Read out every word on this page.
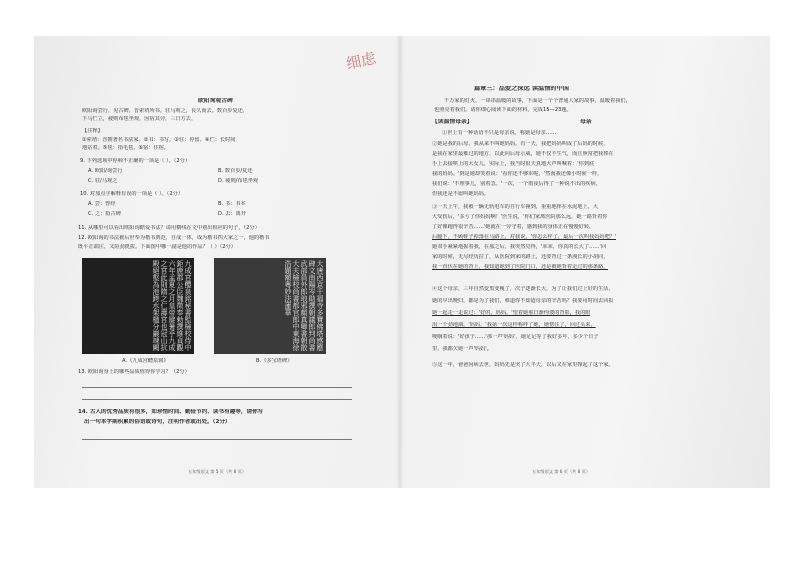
欧阳询观古碑
欧阳询尝行，见古碑，晋索靖所书。驻马观之，良久而去。数百步复还，
下马伫立，疲则布毯坐观，因宿其旁，三日方去。
【注释】
①索靖：晋朝著名书法家。②书：书写。③驻：停留。④伫：长时间
地站着。⑤毯：指毛毯。⑥宿：住宿。
9. 下列选项中停顿不正确的一项是（ ）。（2分）
A. 欧阳/询尝行	B. 数百步/复还
C. 驻/马观之	D. 疲则/布毯坐观
10. 对加点字解释有误的一项是（ ）。（2分）
A. 尝：曾经	B. 书：书本
C. 之：指古碑	D. 去：离开
11. 从哪里可以看出欧阳询酷爱书法？请用横线在文中划出相应的句子。（2分）
12. 欧阳询的书法被后世奉为楷书典范，自成一体，成为楷书四大家之一，他的楷书
既平正端庄，又险劲挺拔。下面图中哪一副是他的作品？（ ）（2分）
九成宮醴泉銘秘書監檢校侍中鉅鹿郡公臣魏徵奉勅撰維貞觀六年孟夏之月皇帝避暑乎九成之宮此則隋之仁壽宮也冠山抗殿絕壑為池跨水架楹分巖竦闕	大唐西京千福寺多寶佛塔感應碑文南陽岑勛撰朝議郎判尚書武部員外郎琅邪顏真卿書朝散大夫檢校尚書都官郎中東海徐浩題額粵妙法蓮華
A.《九成宫醴泉铭》	B.《多宝塔碑》
13. 欧阳询身上的哪些品质值得你学习？（2分）
14. 古人的优秀品质有很多，如珍惜时间、勤俭节约、读书有趣等，请你写
出一句本学期积累的俗语或诗句，注明作者或出处。（2分）
五年级语文 第 5 页（共 8 页）
细虑
篇章三：品爱之深远 读温情的中国
千万家的灯火，一串串温暖的故事，下面是一个个普通人家的故事，温暖着我们，
也照亮着我们。请你细心阅读下面的材料，完成15—23题。
【读温情母亲】	母亲
①世上有一种话语不只是母亲说，称她是母亲……
②她是我的后母，我从来不叫她妈妈。有一天，我把妈妈叫成了后妈的时候，
是我在家里最难过的地方，以此向后母示威，她不仅不生气，而且照常把我捧在
手上去接哄上的大女儿，实际上，我当时很天真地大声叫喊着：'你到底
我的妈妈。'倒是她却笑着说：'看你还不够乖呢，'然而我还像小时候一样，
我们说：'不理事儿，别着急。'一次，一个雨夜后得了一种说不出的疾病，
但我还是不愿叫她妈妈。
③一天上午，我被一辆无轨电车的自行车撞到，重重地摔在水泥地上，大
大受伤后，'多亏了你妈妈啊！'医生说，'你们家离医院那么远，她一路背着你
了好像跑得很辛苦……'她就在一旁守着，感到我的身体正在慢慢好转，
后腿下，不顾鞋子掉落在马路上，对我说，'你怎么样了，最后一次叫我妈妈吧？'
她双手紧紧地握着我，在那之后，我突然觉得，'乖乖，你真的长大了……'回
家的时候，无尽经历拉了，从医院到家的路上，还要背过一条漫长的小胡同，
我一直伏在她的背上，我知道她到了医院门口，还是被她背着走过的那条路。
④这个母亲，三年自然变黑变瘦了，次子逐渐长大，为了让我们过上好的生活，
她的早出晚归，都是为了我们，难道你不知道母亲的辛苦吗？我要用时间去回报
她一起走一走说过：'好的，妈妈。'望着她那日渐佝偻的背影，我的眼
泪一个劲地淌。'妈妈，'我第一次这样称呼了她，她愣住了，回过头来，
哽咽着说：'好孩子……'那一声'妈妈'，她足足等了我好多年，多少个日子
里，我都欠她一声'妈妈'。
⑤这一年，爸爸因病去世，妈妈先是哭了大半天，以后又在家里撑起了这个家。
五年级语文 第 6 页（共 8 页）
